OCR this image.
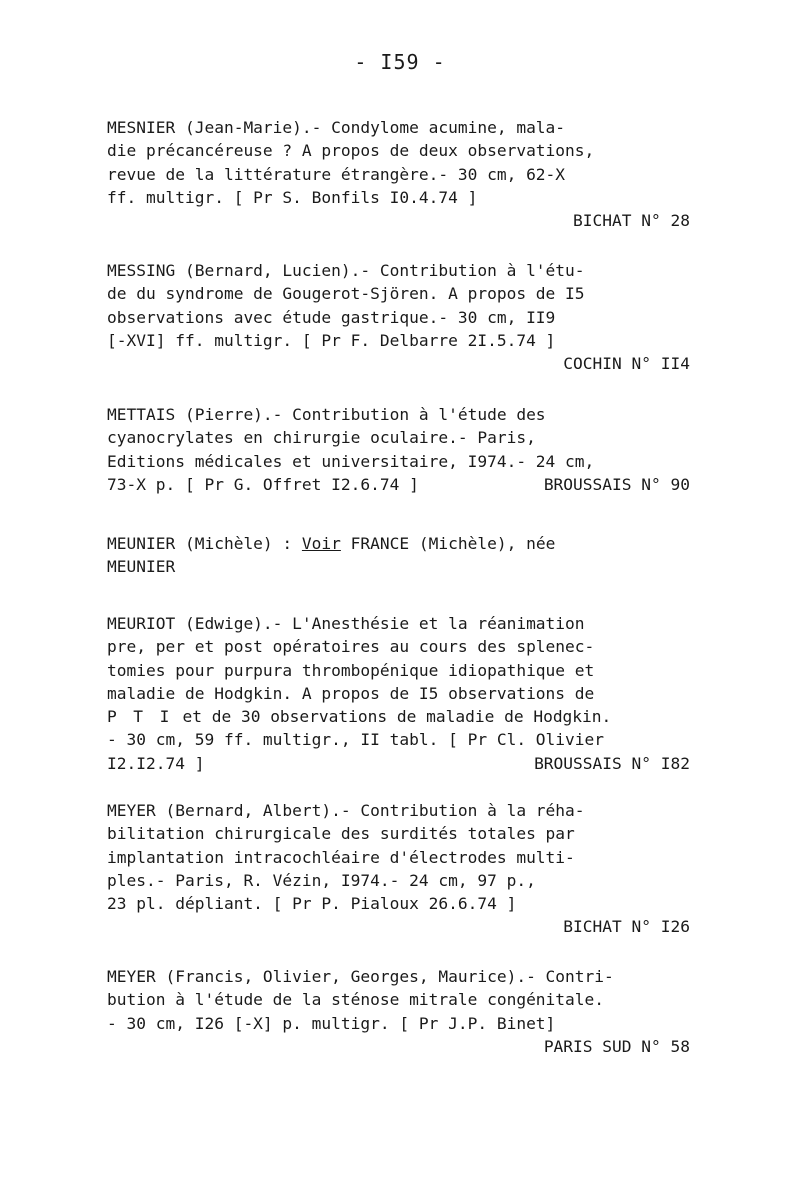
- I59 -
MESNIER (Jean-Marie).- Condylome acumine, mala-
die précancéreuse ? A propos de deux observations,
revue de la littérature étrangère.- 30 cm, 62-X
ff. multigr. [ Pr S. Bonfils I0.4.74 ]
BICHAT N° 28
MESSING (Bernard, Lucien).- Contribution à l'étu-
de du syndrome de Gougerot-Sjören. A propos de I5
observations avec étude gastrique.- 30 cm, II9
[-XVI] ff. multigr. [ Pr F. Delbarre 2I.5.74 ]
COCHIN N° II4
METTAIS (Pierre).- Contribution à l'étude des
cyanocrylates en chirurgie oculaire.- Paris,
Editions médicales et universitaire, I974.- 24 cm,
73-X p. [ Pr G. Offret I2.6.74 ]	BROUSSAIS N° 90
MEUNIER (Michèle) : Voir FRANCE (Michèle), née
MEUNIER
MEURIOT (Edwige).- L'Anesthésie et la réanimation
pre, per et post opératoires au cours des splenec-
tomies pour purpura thrombopénique idiopathique et
maladie de Hodgkin. A propos de I5 observations de
P T I et de 30 observations de maladie de Hodgkin.
- 30 cm, 59 ff. multigr., II tabl. [ Pr Cl. Olivier
I2.I2.74 ]	BROUSSAIS N° I82
MEYER (Bernard, Albert).- Contribution à la réha-
bilitation chirurgicale des surdités totales par
implantation intracochléaire d'électrodes multi-
ples.- Paris, R. Vézin, I974.- 24 cm, 97 p.,
23 pl. dépliant. [ Pr P. Pialoux 26.6.74 ]
BICHAT N° I26
MEYER (Francis, Olivier, Georges, Maurice).- Contri-
bution à l'étude de la sténose mitrale congénitale.
- 30 cm, I26 [-X] p. multigr. [ Pr J.P. Binet]
PARIS SUD N° 58
